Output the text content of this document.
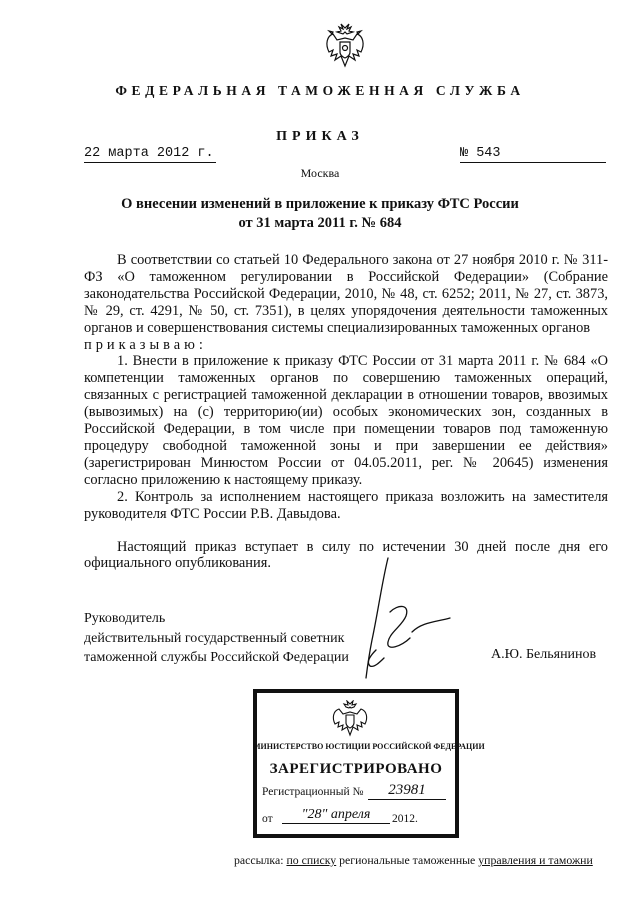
ФЕДЕРАЛЬНАЯ ТАМОЖЕННАЯ СЛУЖБА
ПРИКАЗ
22 марта 2012 г.	№ 543
Москва
О внесении изменений в приложение к приказу ФТС России
от 31 марта 2011 г. № 684

В соответствии со статьей 10 Федерального закона от 27 ноября 2010 г. № 311-ФЗ «О таможенном регулировании в Российской Федерации» (Собрание законодательства Российской Федерации, 2010, № 48, ст. 6252; 2011, № 27, ст. 3873, № 29, ст. 4291, № 50, ст. 7351), в целях упорядочения деятельности таможенных органов и совершенствования системы специализированных таможенных органов

приказываю:

1. Внести в приложение к приказу ФТС России от 31 марта 2011 г. № 684 «О компетенции таможенных органов по совершению таможенных операций, связанных с регистрацией таможенной декларации в отношении товаров, ввозимых (вывозимых) на (с) территорию(ии) особых экономических зон, созданных в Российской Федерации, в том числе при помещении товаров под таможенную процедуру свободной таможенной зоны и при завершении ее действия» (зарегистрирован Минюстом России от 04.05.2011, рег. № 20645) изменения согласно приложению к настоящему приказу.

2. Контроль за исполнением настоящего приказа возложить на заместителя руководителя ФТС России Р.В. Давыдова.

Настоящий приказ вступает в силу по истечении 30 дней после дня его официального опубликования.

Руководитель
действительный государственный советник
таможенной службы Российской Федерации	А.Ю. Бельянинов
МИНИСТЕРСТВО ЮСТИЦИИ РОССИЙСКОЙ ФЕДЕРАЦИИ
ЗАРЕГИСТРИРОВАНО
Регистрационный №	23981
от	"28" апреля	2012.
рассылка: по списку региональные таможенные управления и таможни
